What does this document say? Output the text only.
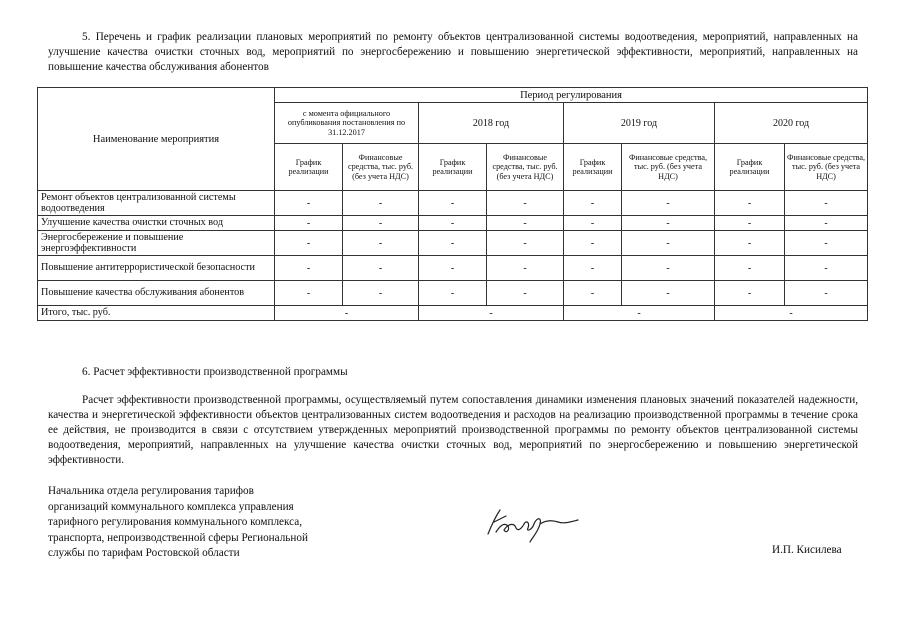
5. Перечень и график реализации плановых мероприятий по ремонту объектов централизованной системы водоотведения, мероприятий, направленных на улучшение качества очистки сточных вод, мероприятий по энергосбережению и повышению энергетической эффективности, мероприятий, направленных на повышение качества обслуживания абонентов
Наименование мероприятия	Период регулирования							
	с момента официального опубликования постановления по 31.12.2017		2018 год		2019 год		2020 год	
	График реализации	Финансовые средства, тыс. руб. (без учета НДС)	График реализации	Финансовые средства, тыс. руб. (без учета НДС)	График реализации	Финансовые средства, тыс. руб. (без учета НДС)	График реализации	Финансовые средства, тыс. руб. (без учета НДС)
Ремонт объектов централизованной системы водоотведения	-	-	-	-	-	-	-	-
Улучшение качества очистки сточных вод	-	-	-	-	-	-	-	-
Энергосбережение и повышение энергоэффективности	-	-	-	-	-	-	-	-
Повышение антитеррористической безопасности	-	-	-	-	-	-	-	-
Повышение качества обслуживания абонентов	-	-	-	-	-	-	-	-
Итого, тыс. руб.	-		-		-		-	
6. Расчет эффективности производственной программы
Расчет эффективности производственной программы, осуществляемый путем сопоставления динамики изменения плановых значений показателей надежности, качества и энергетической эффективности объектов централизованных систем водоотведения и расходов на реализацию производственной программы в течение срока ее действия, не производится в связи с отсутствием утвержденных мероприятий производственной программы по ремонту объектов централизованной системы водоотведения, мероприятий, направленных на улучшение качества очистки сточных вод, мероприятий по энергосбережению и повышению энергетической эффективности.
Начальника отдела регулирования тарифов
организаций коммунального комплекса управления
тарифного регулирования коммунального комплекса,
транспорта, непроизводственной сферы Региональной
службы по тарифам Ростовской области	И.П. Кисилева
